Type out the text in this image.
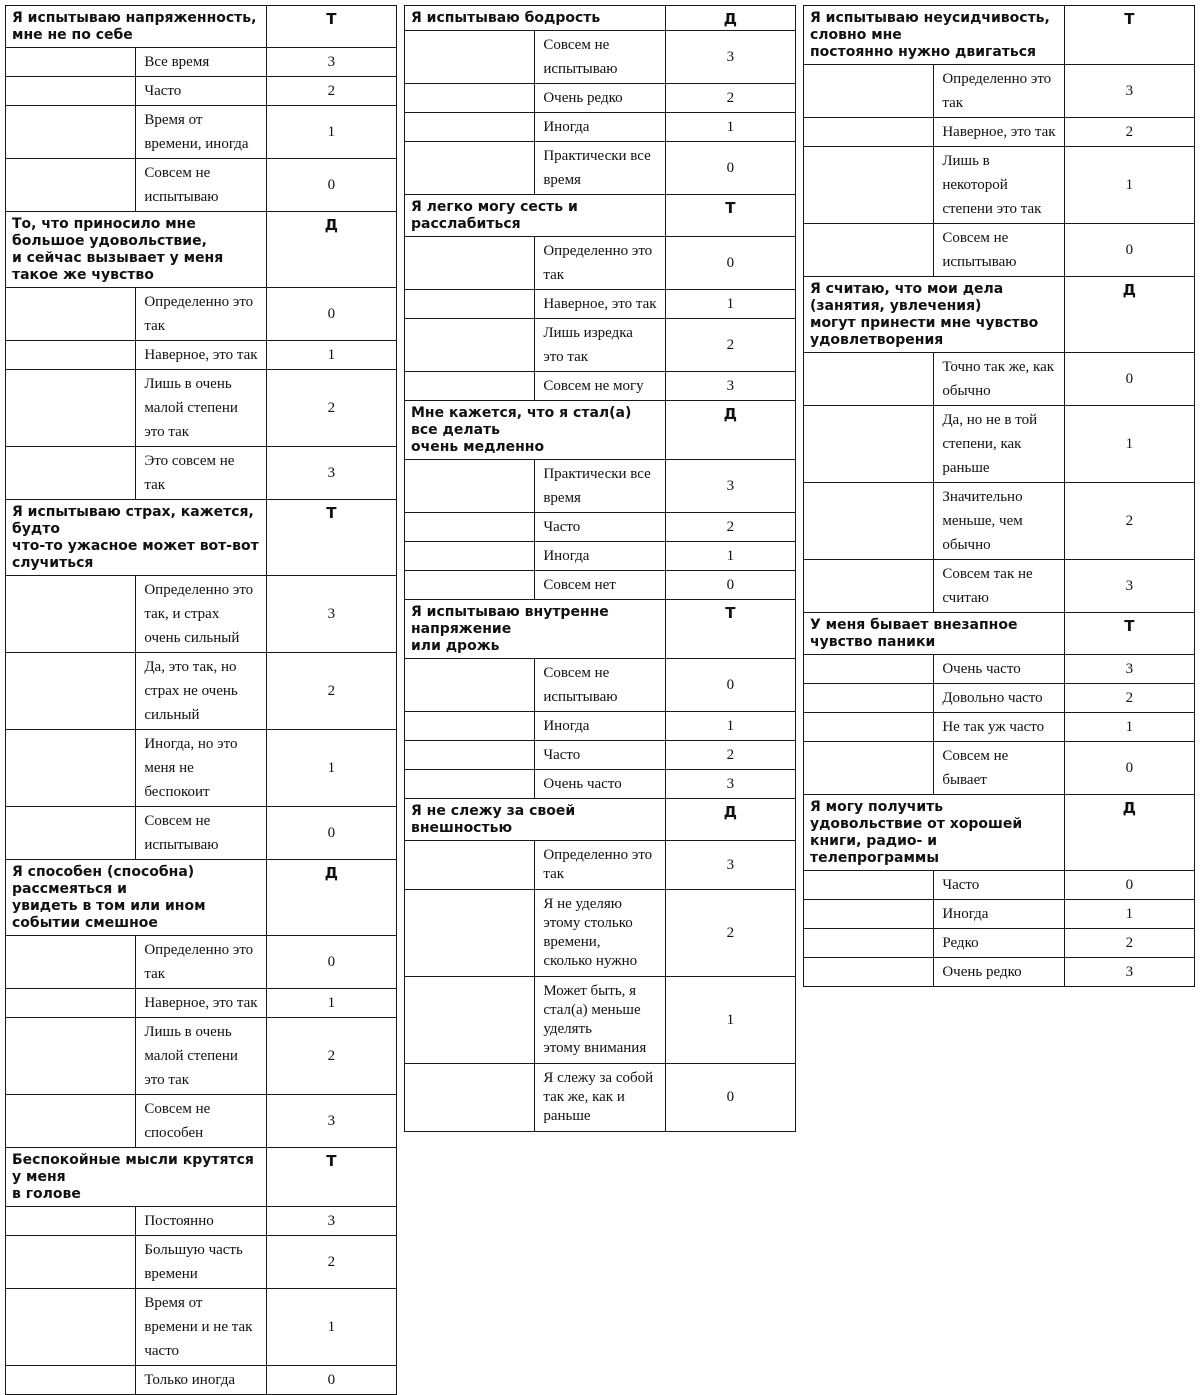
Я испытываю напряженность, мне не по себе		Т
	Все время	3
	Часто	2
	Время от времени, иногда	1
	Совсем не испытываю	0
То, что приносило мне
большое удовольствие,
и сейчас вызывает у меня такое же чувство		Д
	Определенно это так	0
	Наверное, это так	1
	Лишь в очень малой степени это так	2
	Это совсем не так	3
Я испытываю страх, кажется, будто
что-то ужасное может вот-вот случиться		Т
	Определенно это так, и страх очень сильный	3
	Да, это так, но страх не очень сильный	2
	Иногда, но это меня не беспокоит	1
	Совсем не испытываю	0
Я способен (способна) рассмеяться и
увидеть в том или ином событии смешное		Д
	Определенно это так	0
	Наверное, это так	1
	Лишь в очень малой степени это так	2
	Совсем не способен	3
Беспокойные мысли крутятся у меня
в голове		Т
	Постоянно	3
	Большую часть времени	2
	Время от времени и не так часто	1
	Только иногда	0
Я испытываю бодрость		Д
	Совсем не испытываю	3
	Очень редко	2
	Иногда	1
	Практически все время	0
Я легко могу сесть и расслабиться		Т
	Определенно это так	0
	Наверное, это так	1
	Лишь изредка это так	2
	Совсем не могу	3
Мне кажется, что я стал(а) все делать
очень медленно		Д
	Практически все время	3
	Часто	2
	Иногда	1
	Совсем нет	0
Я испытываю внутренне напряжение
или дрожь		Т
	Совсем не испытываю	0
	Иногда	1
	Часто	2
	Очень часто	3
Я не слежу за своей внешностью		Д
	Определенно это так	3
	Я не уделяю этому столько времени,
сколько нужно	2
	Может быть, я стал(а) меньше уделять
этому внимания	1
	Я слежу за собой так же, как и раньше	0
Я испытываю неусидчивость, словно мне
постоянно нужно двигаться		Т
	Определенно это так	3
	Наверное, это так	2
	Лишь в некоторой степени это так	1
	Совсем не испытываю	0
Я считаю, что мои дела (занятия, увлечения)
могут принести мне чувство удовлетворения		Д
	Точно так же, как обычно	0
	Да, но не в той степени, как раньше	1
	Значительно меньше, чем обычно	2
	Совсем так не считаю	3
У меня бывает внезапное чувство паники		Т
	Очень часто	3
	Довольно часто	2
	Не так уж часто	1
	Совсем не бывает	0
Я могу получить удовольствие от хорошей
книги, радио- и телепрограммы		Д
	Часто	0
	Иногда	1
	Редко	2
	Очень редко	3
